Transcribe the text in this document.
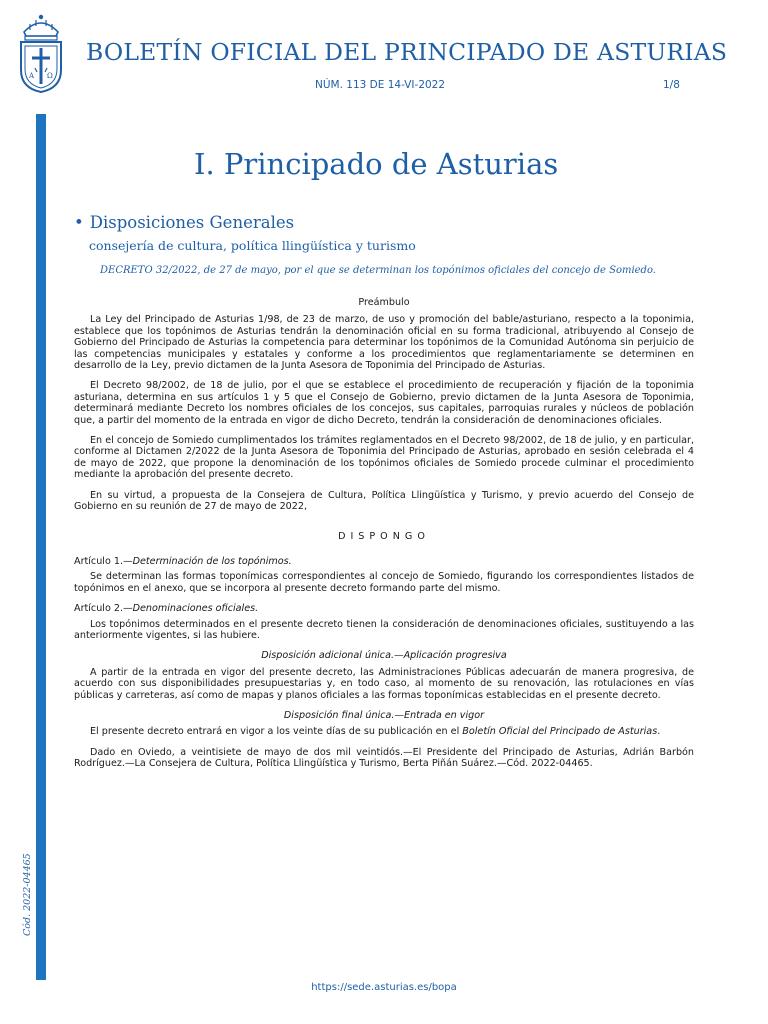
A Ω
BOLETÍN OFICIAL DEL PRINCIPADO DE ASTURIAS
NÚM. 113 DE 14-VI-2022	1/8
Cód. 2022-04465
I. Principado de Asturias
• Disposiciones Generales
consejería de cultura, política llingüística y turismo
DECRETO 32/2022, de 27 de mayo, por el que se determinan los topónimos oficiales del concejo de Somiedo.

Preámbulo

La Ley del Principado de Asturias 1/98, de 23 de marzo, de uso y promoción del bable/asturiano, respecto a la toponimia, establece que los topónimos de Asturias tendrán la denominación oficial en su forma tradicional, atribuyendo al Consejo de Gobierno del Principado de Asturias la competencia para determinar los topónimos de la Comunidad Autónoma sin perjuicio de las competencias municipales y estatales y conforme a los procedimientos que reglamentariamente se determinen en desarrollo de la Ley, previo dictamen de la Junta Asesora de Toponimia del Principado de Asturias.

El Decreto 98/2002, de 18 de julio, por el que se establece el procedimiento de recuperación y fijación de la toponimia asturiana, determina en sus artículos 1 y 5 que el Consejo de Gobierno, previo dictamen de la Junta Asesora de Toponimia, determinará mediante Decreto los nombres oficiales de los concejos, sus capitales, parroquias rurales y núcleos de población que, a partir del momento de la entrada en vigor de dicho Decreto, tendrán la consideración de denominaciones oficiales.

En el concejo de Somiedo cumplimentados los trámites reglamentados en el Decreto 98/2002, de 18 de julio, y en particular, conforme al Dictamen 2/2022 de la Junta Asesora de Toponimia del Principado de Asturias, aprobado en sesión celebrada el 4 de mayo de 2022, que propone la denominación de los topónimos oficiales de Somiedo procede culminar el procedimiento mediante la aprobación del presente decreto.

En su virtud, a propuesta de la Consejera de Cultura, Política Llingüística y Turismo, y previo acuerdo del Consejo de Gobierno en su reunión de 27 de mayo de 2022,

DISPONGO

Artículo 1.—Determinación de los topónimos.

Se determinan las formas toponímicas correspondientes al concejo de Somiedo, figurando los correspondientes listados de topónimos en el anexo, que se incorpora al presente decreto formando parte del mismo.

Artículo 2.—Denominaciones oficiales.

Los topónimos determinados en el presente decreto tienen la consideración de denominaciones oficiales, sustituyendo a las anteriormente vigentes, si las hubiere.

Disposición adicional única.—Aplicación progresiva

A partir de la entrada en vigor del presente decreto, las Administraciones Públicas adecuarán de manera progresiva, de acuerdo con sus disponibilidades presupuestarias y, en todo caso, al momento de su renovación, las rotulaciones en vías públicas y carreteras, así como de mapas y planos oficiales a las formas toponímicas establecidas en el presente decreto.

Disposición final única.—Entrada en vigor

El presente decreto entrará en vigor a los veinte días de su publicación en el Boletín Oficial del Principado de Asturias.

Dado en Oviedo, a veintisiete de mayo de dos mil veintidós.—El Presidente del Principado de Asturias, Adrián Barbón Rodríguez.—La Consejera de Cultura, Política Llingüística y Turismo, Berta Piñán Suárez.—Cód. 2022-04465.

https://sede.asturias.es/bopa
